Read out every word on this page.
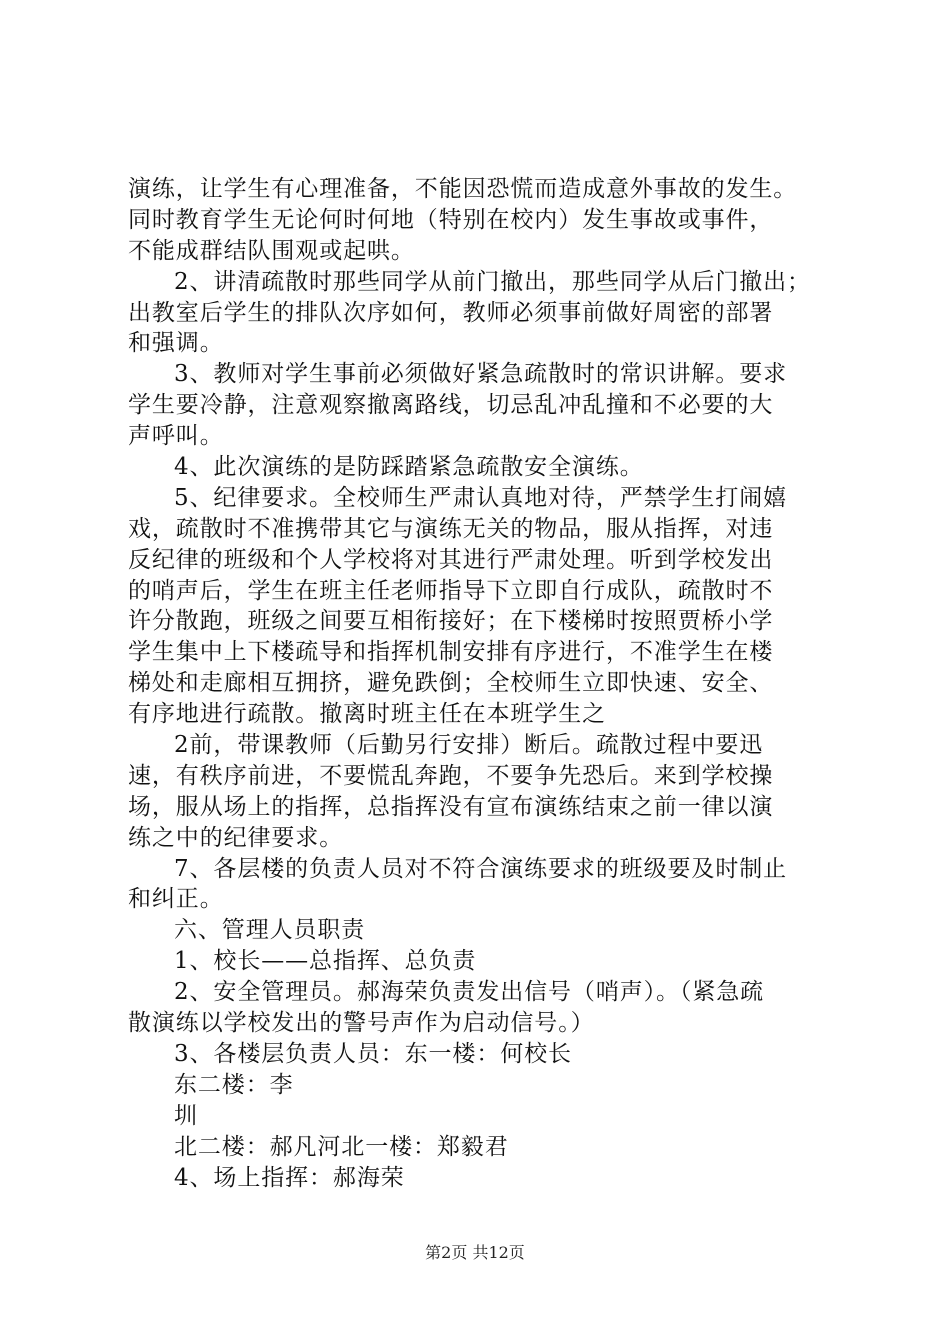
演练，让学生有心理准备，不能因恐慌而造成意外事故的发生。
同时教育学生无论何时何地（特别在校内）发生事故或事件，
不能成群结队围观或起哄。
2、讲清疏散时那些同学从前门撤出，那些同学从后门撤出；
出教室后学生的排队次序如何，教师必须事前做好周密的部署
和强调。
3、教师对学生事前必须做好紧急疏散时的常识讲解。要求
学生要冷静，注意观察撤离路线，切忌乱冲乱撞和不必要的大
声呼叫。
4、此次演练的是防踩踏紧急疏散安全演练。
5、纪律要求。全校师生严肃认真地对待，严禁学生打闹嬉
戏，疏散时不准携带其它与演练无关的物品，服从指挥，对违
反纪律的班级和个人学校将对其进行严肃处理。听到学校发出
的哨声后，学生在班主任老师指导下立即自行成队，疏散时不
许分散跑，班级之间要互相衔接好；在下楼梯时按照贾桥小学
学生集中上下楼疏导和指挥机制安排有序进行，不准学生在楼
梯处和走廊相互拥挤，避免跌倒；全校师生立即快速、安全、
有序地进行疏散。撤离时班主任在本班学生之
2前，带课教师（后勤另行安排）断后。疏散过程中要迅
速，有秩序前进，不要慌乱奔跑，不要争先恐后。来到学校操
场，服从场上的指挥，总指挥没有宣布演练结束之前一律以演
练之中的纪律要求。
7、各层楼的负责人员对不符合演练要求的班级要及时制止
和纠正。
六、管理人员职责
1、校长——总指挥、总负责
2、安全管理员。郝海荣负责发出信号（哨声）。（紧急疏
散演练以学校发出的警号声作为启动信号。）
3、各楼层负责人员：东一楼：何校长
东二楼：李
圳
北二楼：郝凡河北一楼：郑毅君
4、场上指挥：郝海荣
第2页 共12页
